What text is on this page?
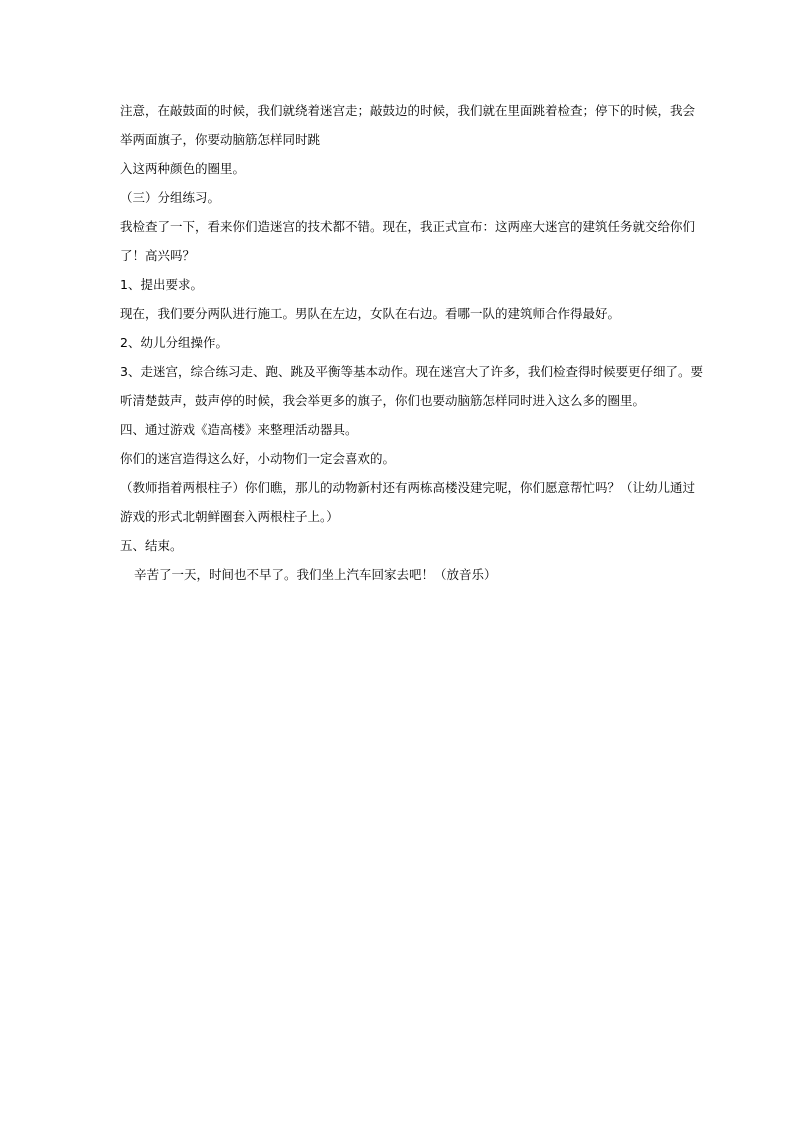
注意，在敲鼓面的时候，我们就绕着迷宫走；敲鼓边的时候，我们就在里面跳着检查；停下的时候，我会

举两面旗子，你要动脑筋怎样同时跳

入这两种颜色的圈里。

（三）分组练习。

我检查了一下，看来你们造迷宫的技术都不错。现在，我正式宣布：这两座大迷宫的建筑任务就交给你们

了！高兴吗？

1、提出要求。

现在，我们要分两队进行施工。男队在左边，女队在右边。看哪一队的建筑师合作得最好。

2、幼儿分组操作。

3、走迷宫，综合练习走、跑、跳及平衡等基本动作。现在迷宫大了许多，我们检查得时候要更仔细了。要

听清楚鼓声，鼓声停的时候，我会举更多的旗子，你们也要动脑筋怎样同时进入这么多的圈里。

四、通过游戏《造高楼》来整理活动器具。

你们的迷宫造得这么好，小动物们一定会喜欢的。

（教师指着两根柱子）你们瞧，那儿的动物新村还有两栋高楼没建完呢，你们愿意帮忙吗？（让幼儿通过

游戏的形式北朝鲜圈套入两根柱子上。）

五、结束。

辛苦了一天，时间也不早了。我们坐上汽车回家去吧！（放音乐）
